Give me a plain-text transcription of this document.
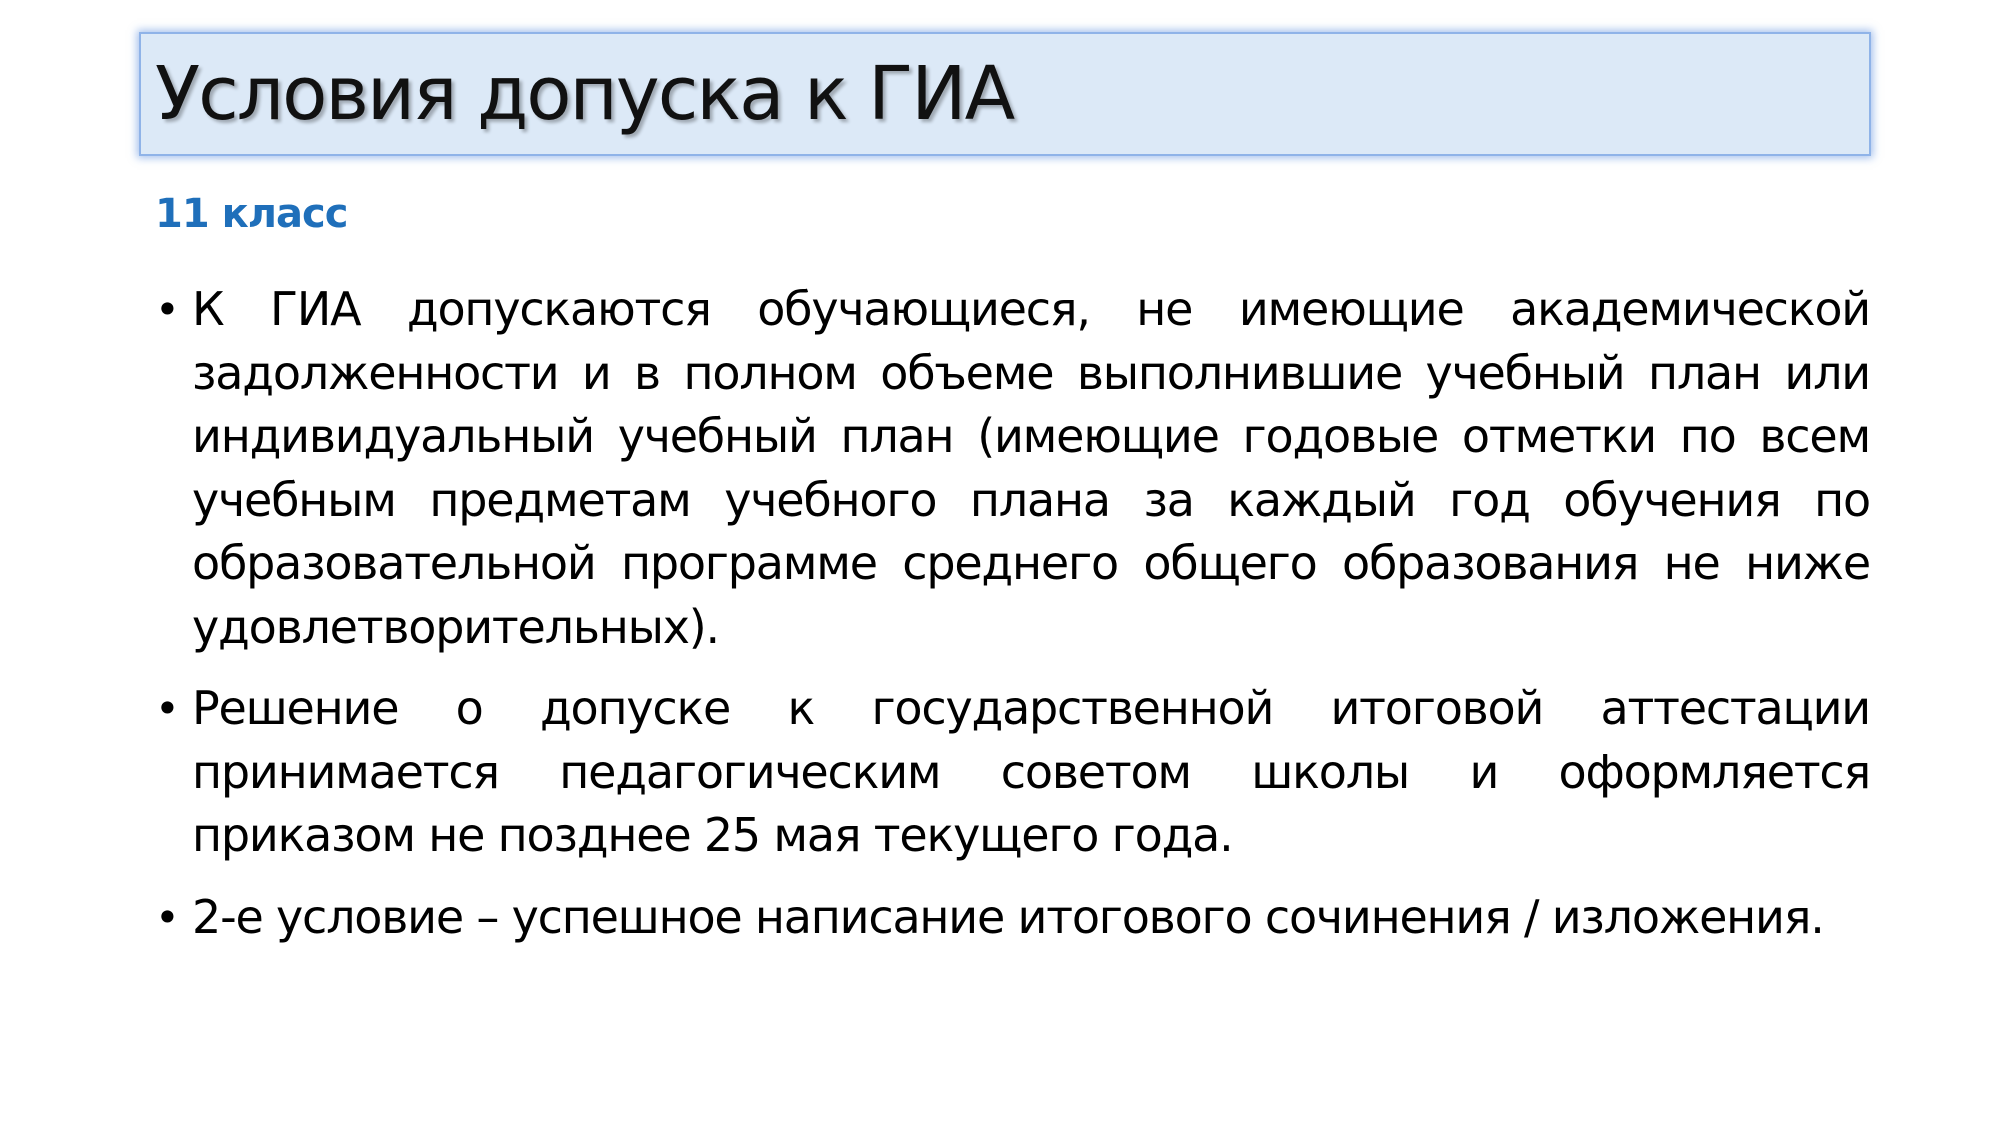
Условия допуска к ГИА
11 класс
• К ГИА допускаются обучающиеся, не имеющие академической задолженности и в полном объеме выполнившие учебный план или индивидуальный учебный план (имеющие годовые отметки по всем учебным предметам учебного плана за каждый год обучения по образовательной программе среднего общего образования не ниже удовлетворительных).
• Решение о допуске к государственной итоговой аттестации принимается педагогическим советом школы и оформляется приказом не позднее 25 мая текущего года.
• 2-е условие – успешное написание итогового сочинения / изложения.
